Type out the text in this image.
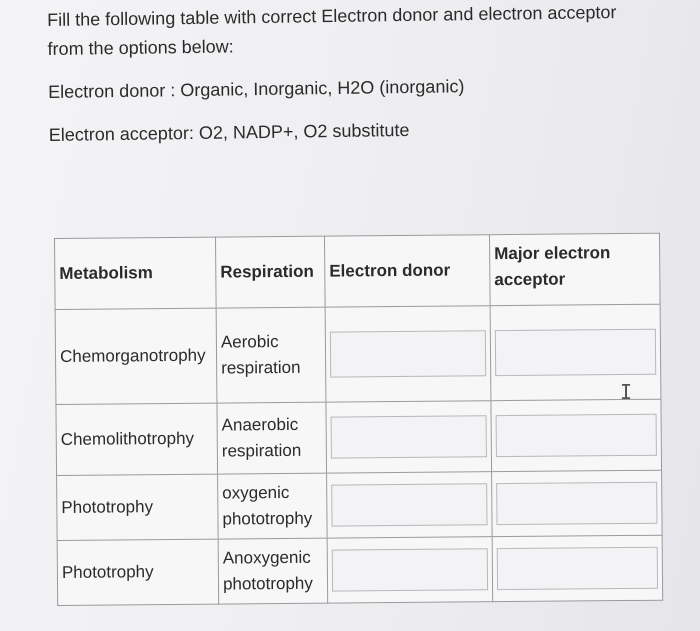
Fill the following table with correct Electron donor and electron acceptor from the options below:

Electron donor : Organic, Inorganic, H2O (inorganic)

Electron acceptor: O2, NADP+, O2 substitute

Metabolism	Respiration	Electron donor	Major electron acceptor
Chemorganotrophy	Aerobic respiration	

Chemolithotrophy	Anaerobic respiration	

Phototrophy	oxygenic phototrophy	

Phototrophy	Anoxygenic phototrophy	

I
